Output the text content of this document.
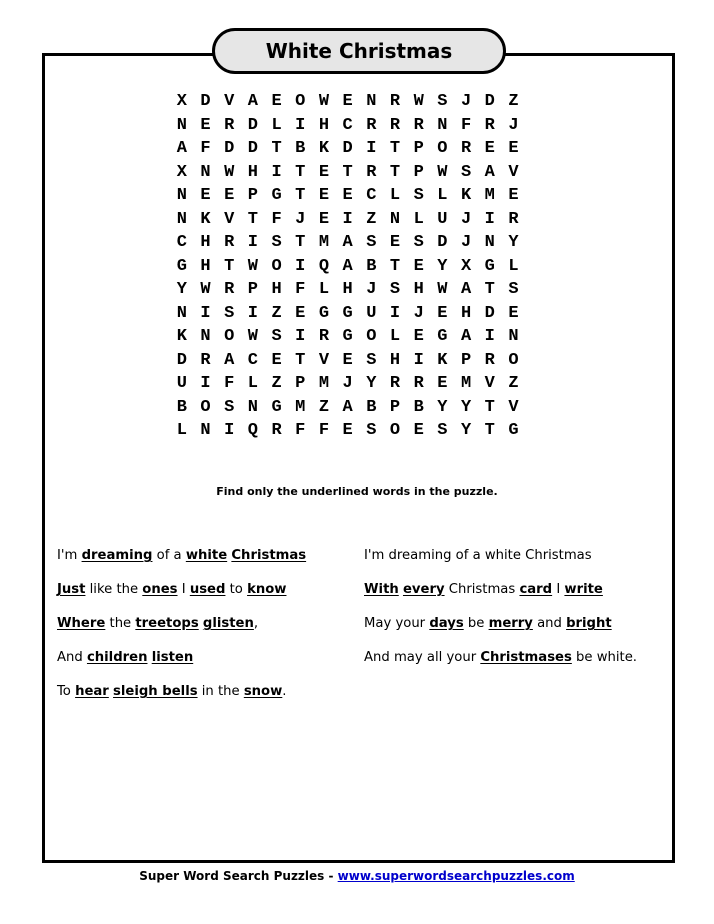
White Christmas
X D V A E O W E N R W S J D Z
N E R D L I H C R R R N F R J
A F D D T B K D I T P O R E E
X N W H I T E T R T P W S A V
N E E P G T E E C L S L K M E
N K V T F J E I Z N L U J I R
C H R I S T M A S E S D J N Y
G H T W O I Q A B T E Y X G L
Y W R P H F L H J S H W A T S
N I S I Z E G G U I J E H D E
K N O W S I R G O L E G A I N
D R A C E T V E S H I K P R O
U I F L Z P M J Y R R E M V Z
B O S N G M Z A B P B Y Y T V
L N I Q R F F E S O E S Y T G
Find only the underlined words in the puzzle.
I'm dreaming of a white Christmas
Just like the ones I used to know
Where the treetops glisten,
And children listen
To hear sleigh bells in the snow.
I'm dreaming of a white Christmas
With every Christmas card I write
May your days be merry and bright
And may all your Christmases be white.
Super Word Search Puzzles - www.superwordsearchpuzzles.com
